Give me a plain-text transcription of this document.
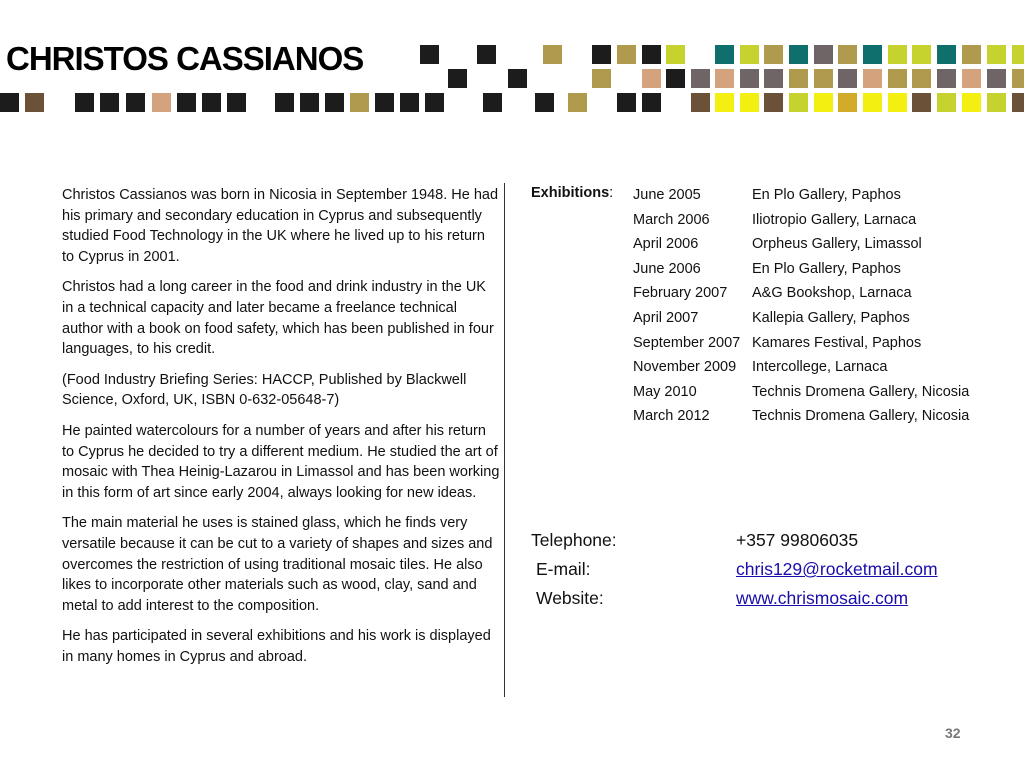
CHRISTOS CASSIANOS

Christos Cassianos was born in Nicosia in September 1948. He had his primary and secondary education in Cyprus and subsequently studied Food Technology in the UK where he lived up to his return to Cyprus in 2001.

Christos had a long career in the food and drink industry in the UK in a technical capacity and later became a freelance technical author with a book on food safety, which has been published in four languages, to his credit.

(Food Industry Briefing Series: HACCP, Published by Blackwell Science, Oxford, UK, ISBN 0-632-05648-7)

He painted watercolours for a number of years and after his return to Cyprus he decided to try a different medium. He studied the art of mosaic with Thea Heinig-Lazarou in Limassol and has been working in this form of art since early 2004, always looking for new ideas.

The main material he uses is stained glass, which he finds very versatile because it can be cut to a variety of shapes and sizes and overcomes the restriction of using traditional mosaic tiles. He also likes to incorporate other materials such as wood, clay, sand and metal to add interest to the composition.

He has participated in several exhibitions and his work is displayed in many homes in Cyprus and abroad.

Exhibitions: June 2005	En Plo Gallery, Paphos
March 2006	Iliotropio Gallery, Larnaca
April 2006	Orpheus Gallery, Limassol
June 2006	En Plo Gallery, Paphos
February 2007	A&G Bookshop, Larnaca
April 2007	Kallepia Gallery, Paphos
September 2007 Kamares Festival, Paphos
November 2009	Intercollege, Larnaca
May 2010	Technis Dromena Gallery, Nicosia
March 2012	Technis Dromena Gallery, Nicosia
Telephone:	+357 99806035
E-mail:	chris129@rocketmail.com
Website:	www.chrismosaic.com
32
